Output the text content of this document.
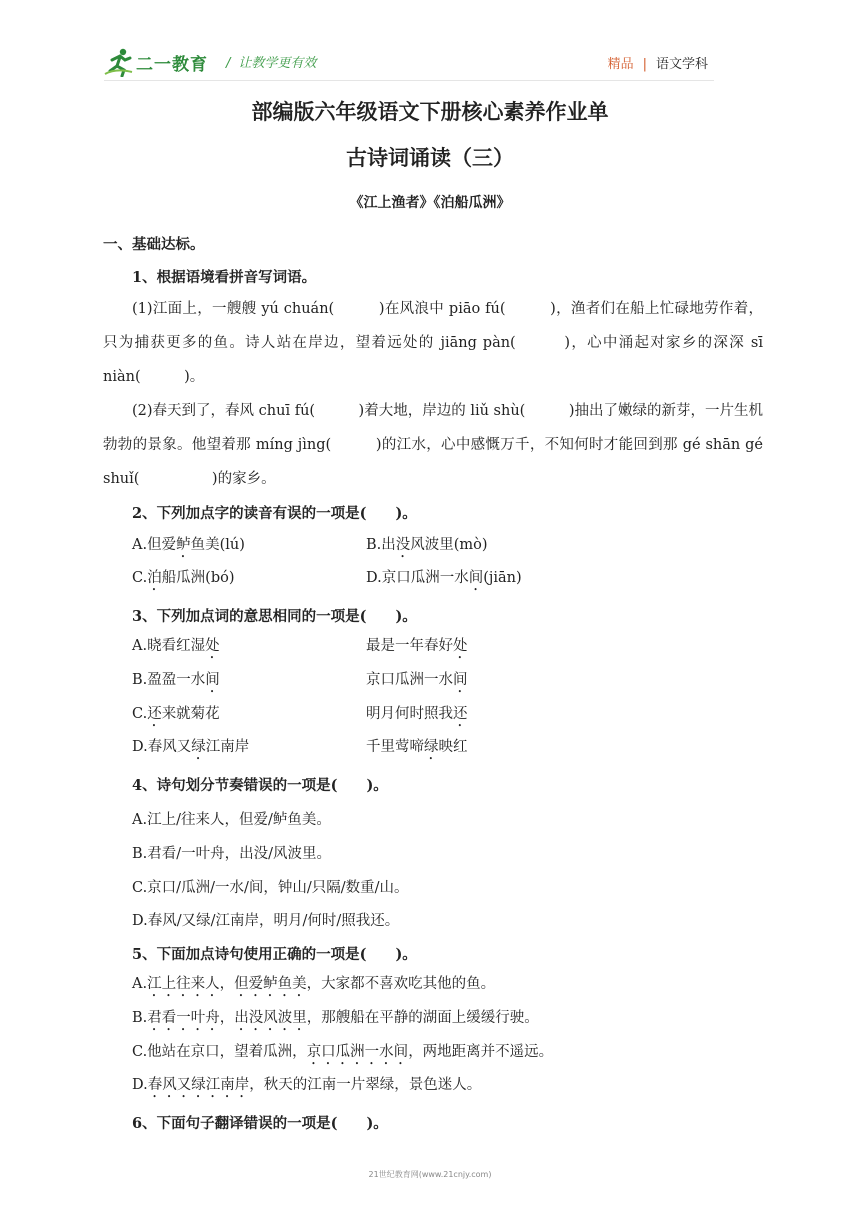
二一教育 / 让教学更有效	精品 | 语文学科
部编版六年级语文下册核心素养作业单
古诗词诵读（三）
《江上渔者》《泊船瓜洲》
一、基础达标。
1、根据语境看拼音写词语。
(1)江面上，一艘艘 yú chuán(　　　)在风浪中 piāo fú(　　　)，渔者们在船上忙碌地劳作着，只为捕获更多的鱼。诗人站在岸边，望着远处的 jiāng pàn(　　　)，心中涌起对家乡的深深 sī niàn(　　　)。
(2)春天到了，春风 chuī fú(　　　)着大地，岸边的 liǔ shù(　　　)抽出了嫩绿的新芽，一片生机勃勃的景象。他望着那 míng jìng(　　　)的江水，心中感慨万千，不知何时才能回到那 gé shān gé shuǐ(　　　　　)的家乡。
2、下列加点字的读音有误的一项是(　　)。
A.但爱鲈鱼美(lú)	B.出没风波里(mò)
C.泊船瓜洲(bó)	D.京口瓜洲一水间(jiān)
3、下列加点词的意思相同的一项是(　　)。
A.晓看红湿处	最是一年春好处
B.盈盈一水间	京口瓜洲一水间
C.还来就菊花	明月何时照我还
D.春风又绿江南岸	千里莺啼绿映红
4、诗句划分节奏错误的一项是(　　)。
A.江上/往来人，但爱/鲈鱼美。
B.君看/一叶舟，出没/风波里。
C.京口/瓜洲/一水/间，钟山/只隔/数重/山。
D.春风/又绿/江南岸，明月/何时/照我还。
5、下面加点诗句使用正确的一项是(　　)。
A.江上往来人，但爱鲈鱼美，大家都不喜欢吃其他的鱼。
B.君看一叶舟，出没风波里，那艘船在平静的湖面上缓缓行驶。
C.他站在京口，望着瓜洲，京口瓜洲一水间，两地距离并不遥远。
D.春风又绿江南岸，秋天的江南一片翠绿，景色迷人。
6、下面句子翻译错误的一项是(　　)。
21世纪教育网(www.21cnjy.com)
